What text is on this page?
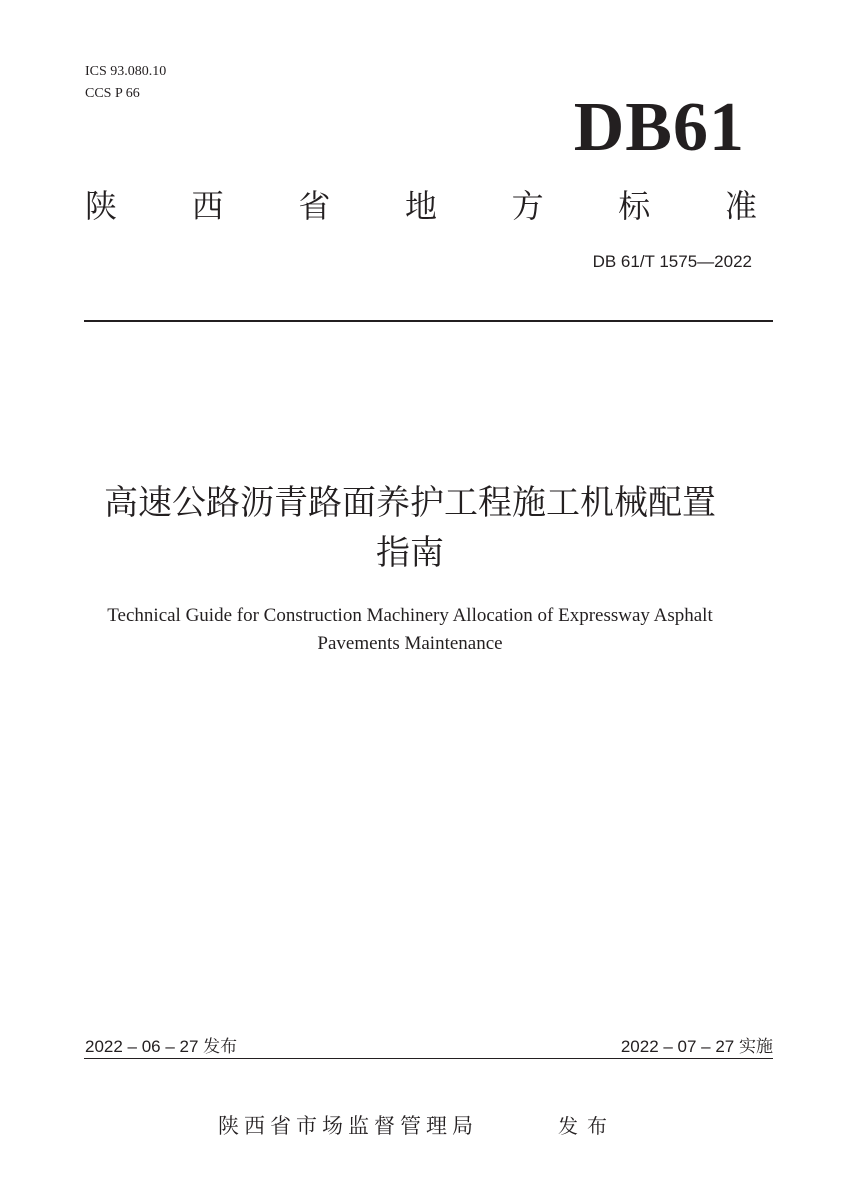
ICS 93.080.10
CCS P 66	DB61
陕 西 省 地 方 标 准
DB 61/T 1575—2022
高速公路沥青路面养护工程施工机械配置
指南
Technical Guide for Construction Machinery Allocation of Expressway Asphalt
Pavements Maintenance
2022 – 06 – 27 发布	2022 – 07 – 27 实施
陕西省市场监督管理局	发布
